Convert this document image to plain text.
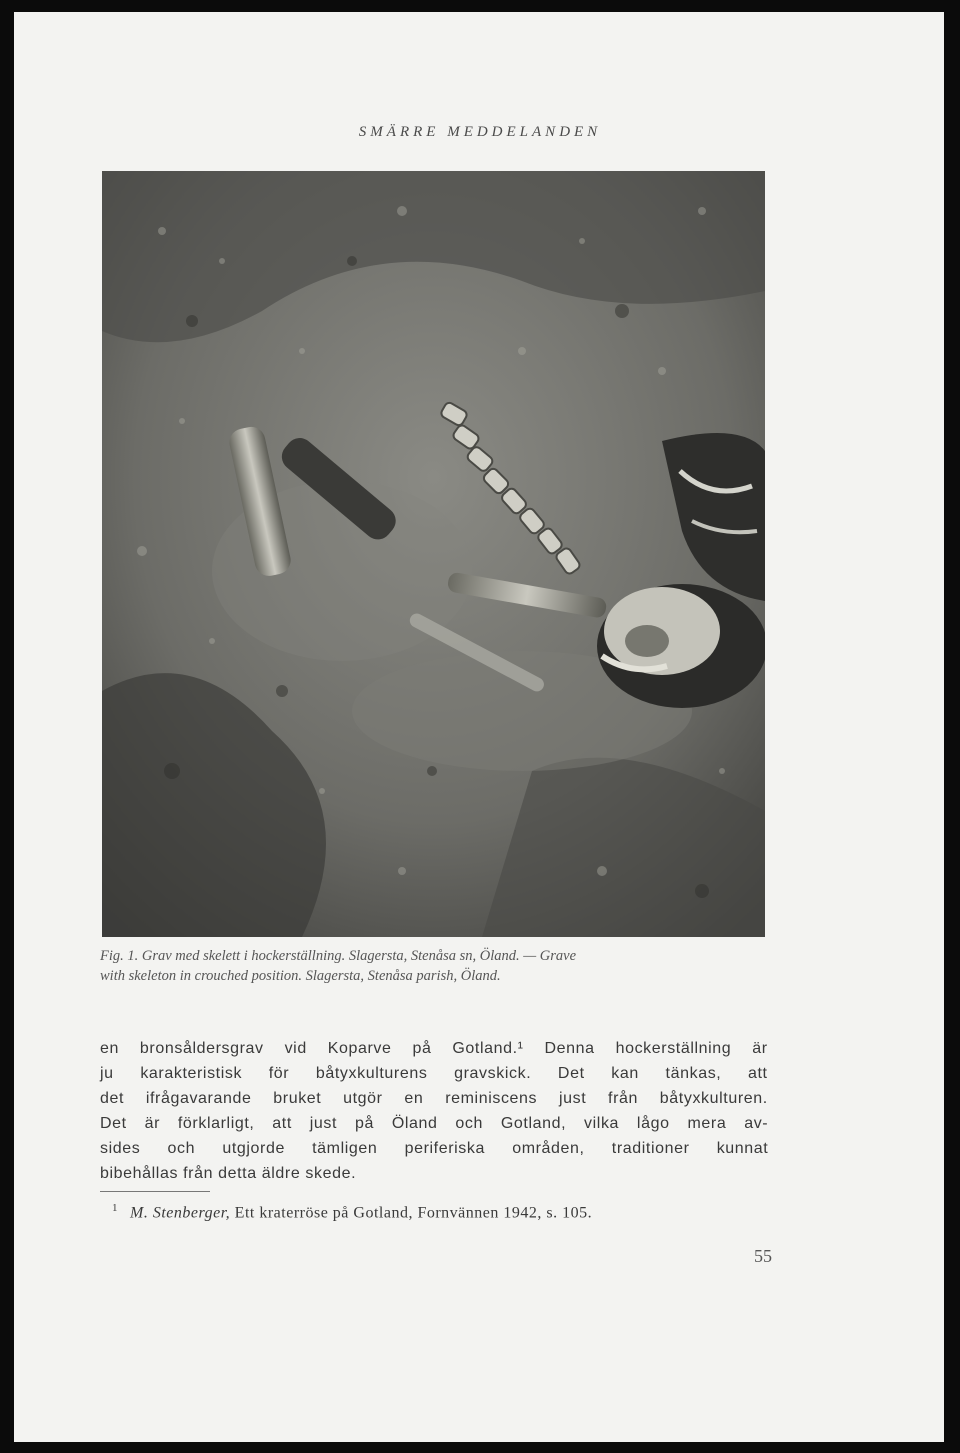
SMÄRRE MEDDELANDEN

Fig. 1. Grav med skelett i hockerställning. Slagersta, Stenåsa sn, Öland. — Grave

with skeleton in crouched position. Slagersta, Stenåsa parish, Öland.

en bronsåldersgrav vid Koparve på Gotland.¹ Denna hockerställning är

ju karakteristisk för båtyxkulturens gravskick. Det kan tänkas, att

det ifrågavarande bruket utgör en reminiscens just från båtyxkulturen.

Det är förklarligt, att just på Öland och Gotland, vilka lågo mera av-

sides och utgjorde tämligen periferiska områden, traditioner kunnat

bibehållas från detta äldre skede.

$^1$ M. Stenberger, Ett kraterröse på Gotland, Fornvännen 1942, s. 105.
55
